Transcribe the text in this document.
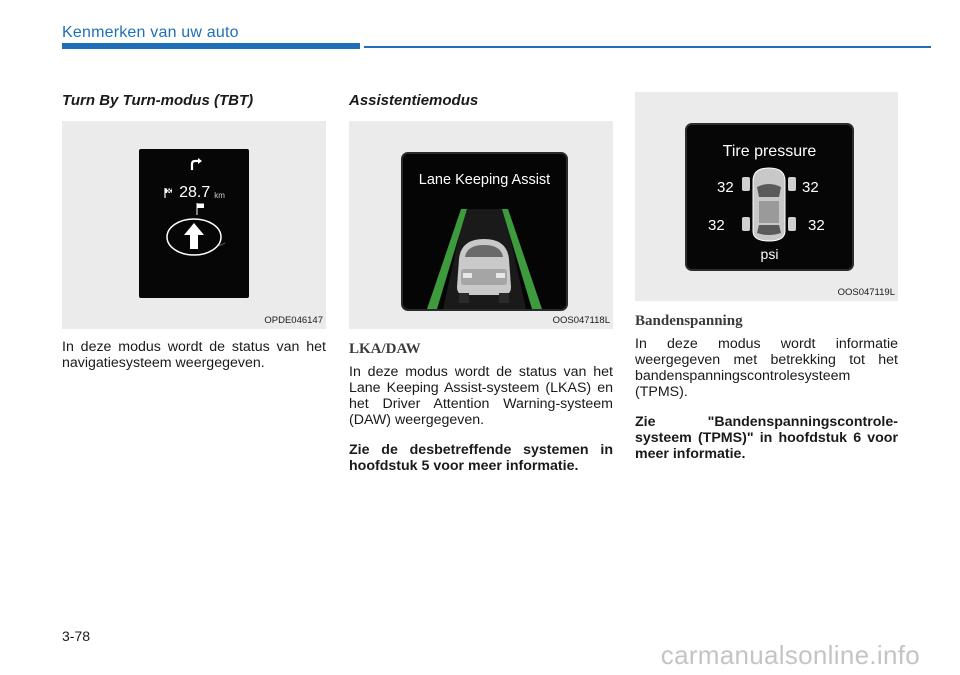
Kenmerken van uw auto
Turn By Turn-modus (TBT)
28.7 km
OPDE046147

In deze modus wordt de status van het navigatiesysteem weergegeven.

Assistentiemodus
Lane Keeping Assist
OOS047118L
LKA/DAW

In deze modus wordt de status van het Lane Keeping Assist-systeem (LKAS) en het Driver Attention Warning-systeem (DAW) weergegeven.

Zie de desbetreffende systemen in hoofdstuk 5 voor meer informatie.

Tire pressure
32	32
32	32
psi
OOS047119L
Bandenspanning

In deze modus wordt informatie weergegeven met betrekking tot het bandenspanningscontrolesysteem (TPMS).

Zie "Bandenspanningscontrole-systeem (TPMS)" in hoofdstuk 6 voor meer informatie.

3-78
carmanualsonline.info
